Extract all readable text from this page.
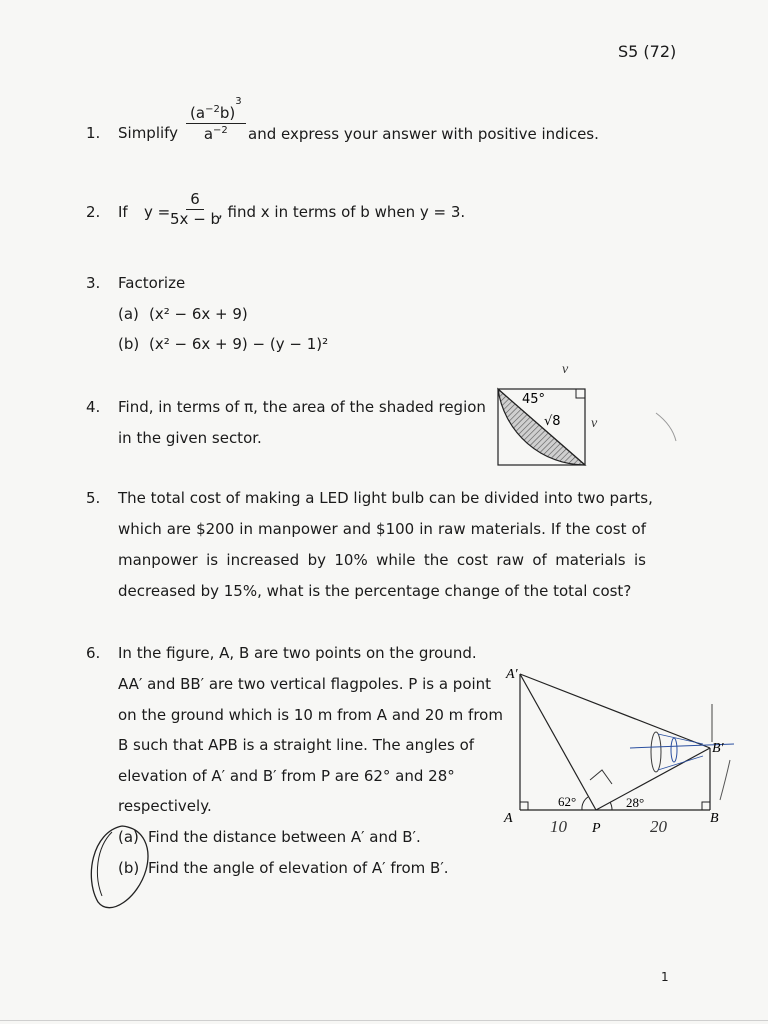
S5 (72)
1. Simplify $\frac{(a^{-2}b)^3}{a^{-2}}$ and express your answer with positive indices.
2. If $y = \frac{6}{5x - b}$
, find x in terms of b when y = 3.
3. Factorize
(a) (x² − 6x + 9)
(b) (x² − 6x + 9) − (y − 1)²
4. Find, in terms of π, the area of the shaded region
in the given sector.
45°
√8
ν
ν
5. The total cost of making a LED light bulb can be divided into two parts,
which are $200 in manpower and $100 in raw materials. If the cost of
manpower is increased by 10% while the cost raw of materials is
decreased by 15%, what is the percentage change of the total cost?
6. In the figure, A, B are two points on the ground.
AA′ and BB′ are two vertical flagpoles. P is a point
on the ground which is 10 m from A and 20 m from
B such that APB is a straight line. The angles of
elevation of A′ and B′ from P are 62° and 28°
respectively.
(a) Find the distance between A′ and B′.
(b) Find the angle of elevation of A′ from B′.
A′
B′
A	B
P
62°	28°
10	20
1
